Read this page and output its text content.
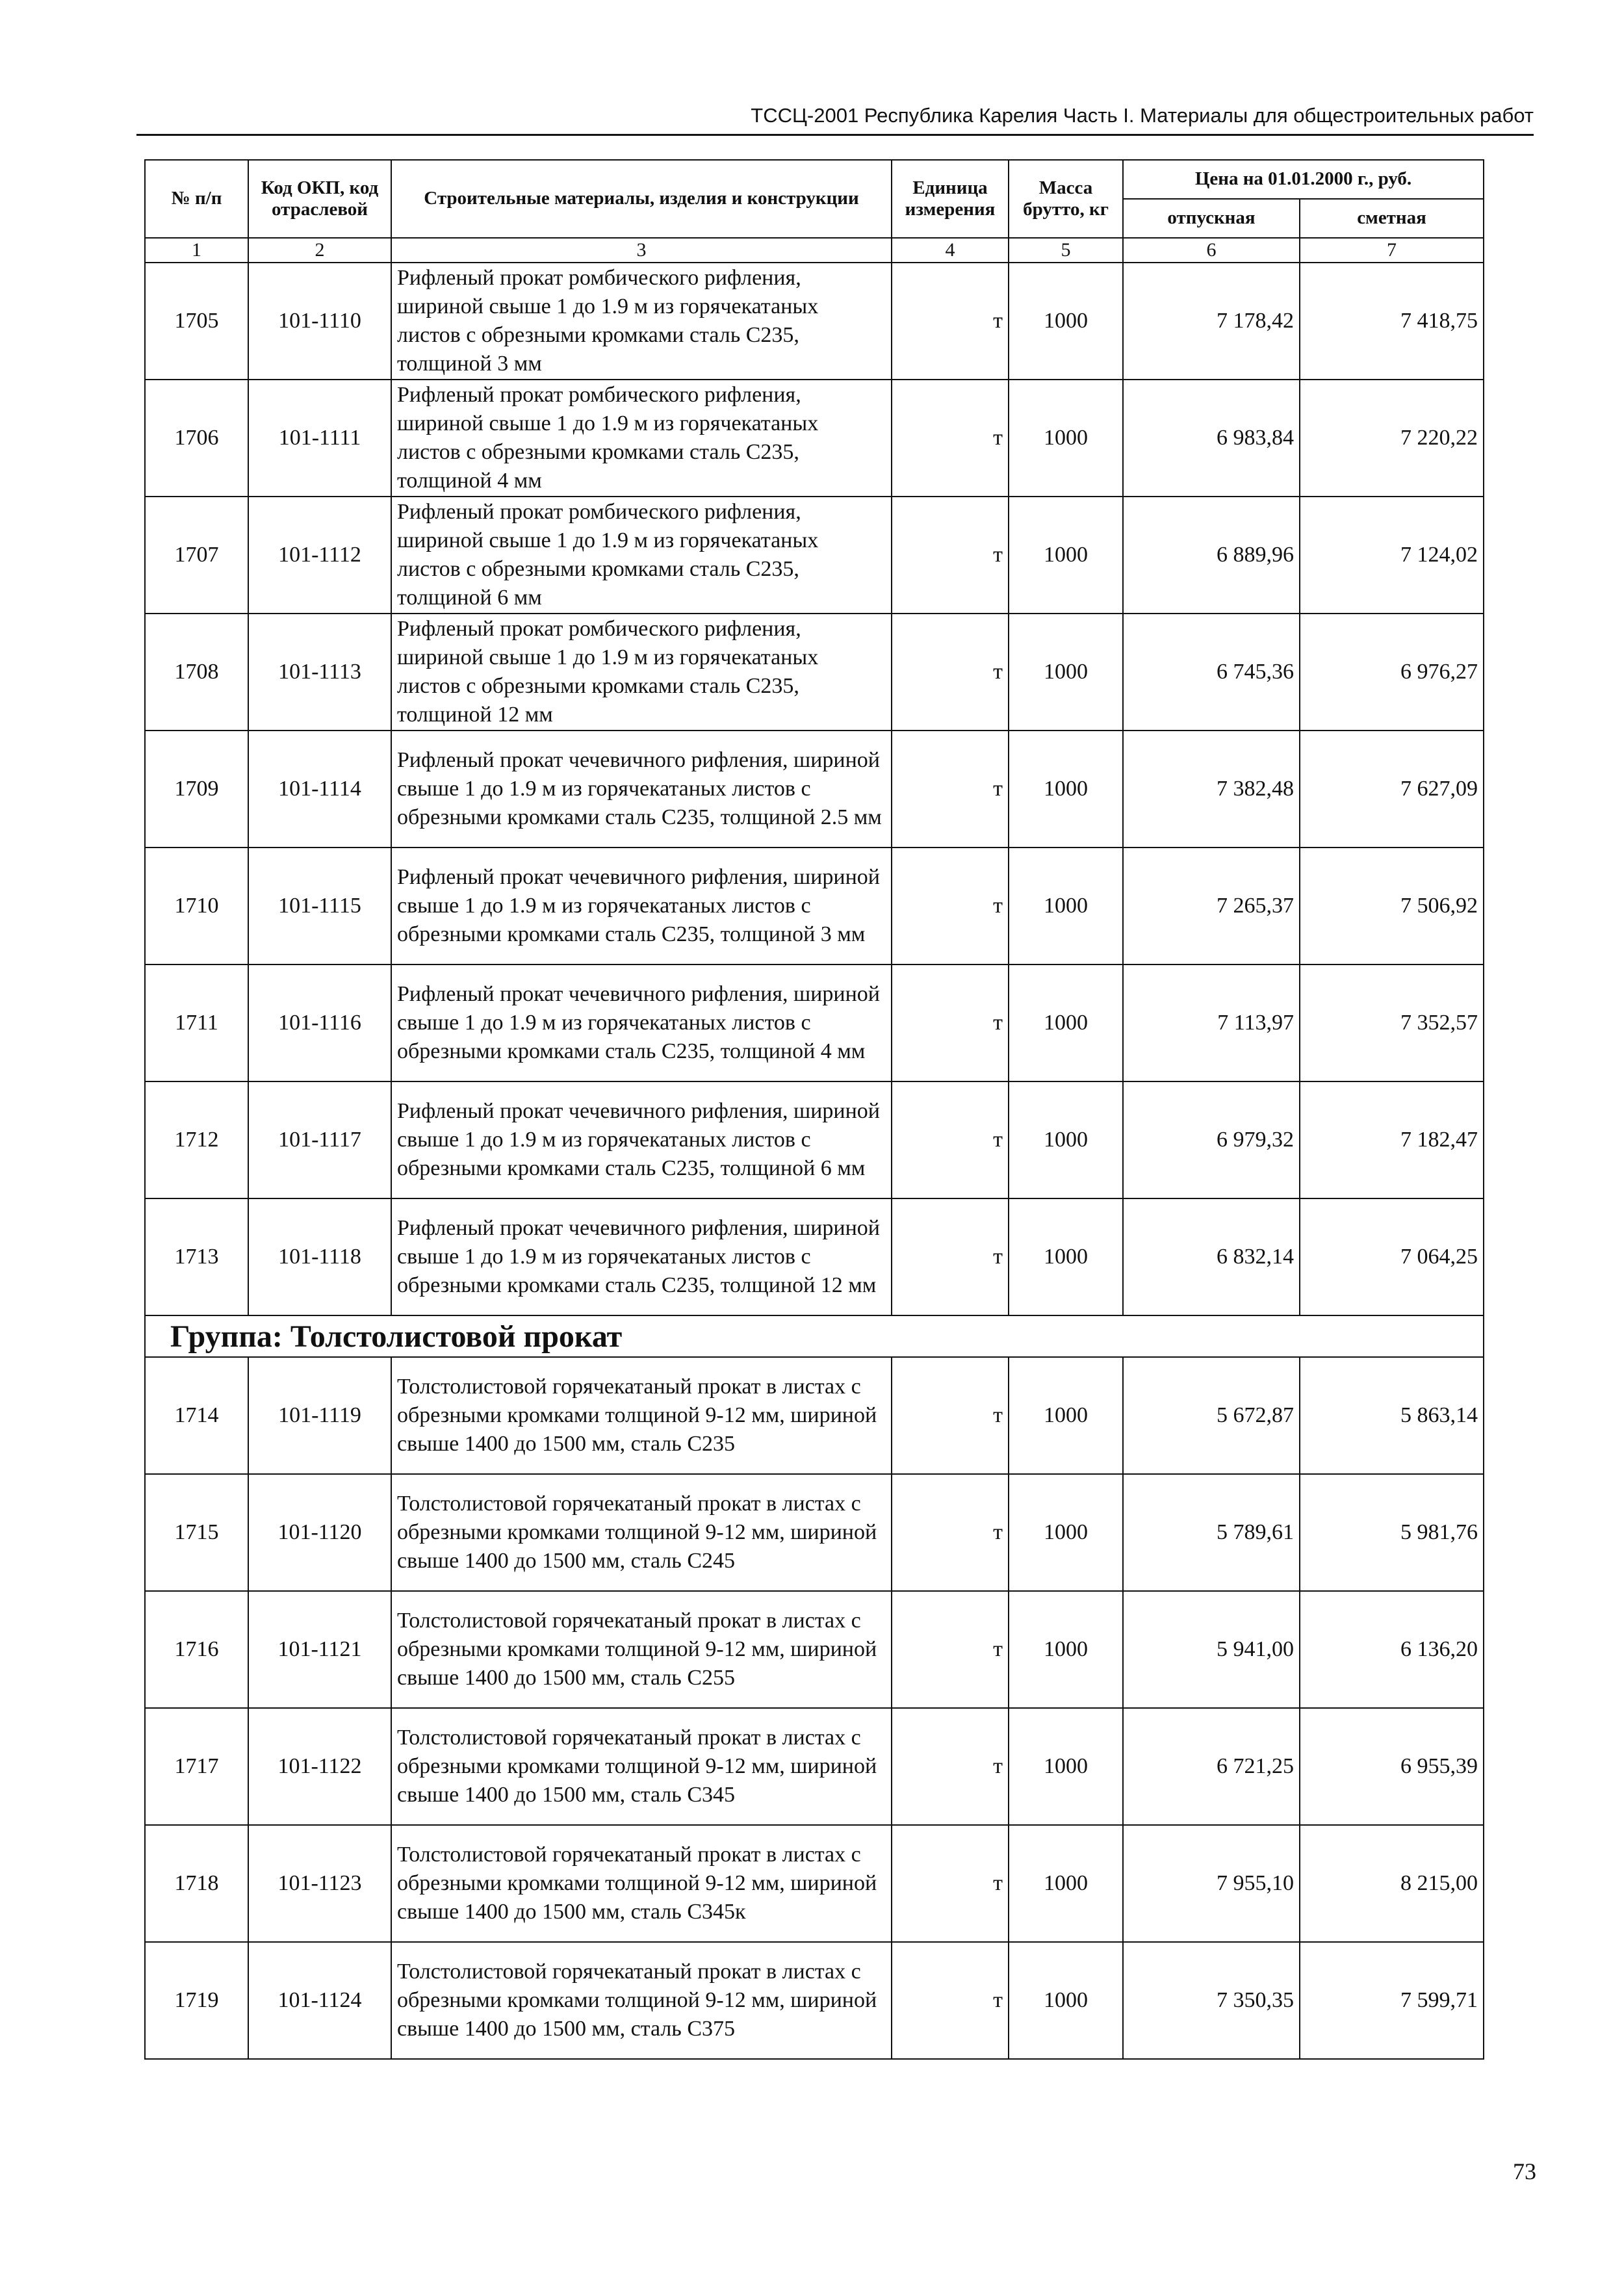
ТССЦ-2001 Республика Карелия Часть I. Материалы для общестроительных работ
№ п/п	Код ОКП, код отраслевой	Строительные материалы, изделия и конструкции	Единица измерения	Масса брутто, кг	Цена на 01.01.2000 г., руб.	
					отпускная	сметная
1	2	3	4	5	6	7
1705	101-1110	Рифленый прокат ромбического рифления, шириной свыше 1 до 1.9 м из горячекатаных листов с обрезными кромками сталь С235, толщиной 3 мм	т	1000	7 178,42	7 418,75
1706	101-1111	Рифленый прокат ромбического рифления, шириной свыше 1 до 1.9 м из горячекатаных листов с обрезными кромками сталь С235, толщиной 4 мм	т	1000	6 983,84	7 220,22
1707	101-1112	Рифленый прокат ромбического рифления, шириной свыше 1 до 1.9 м из горячекатаных листов с обрезными кромками сталь С235, толщиной 6 мм	т	1000	6 889,96	7 124,02
1708	101-1113	Рифленый прокат ромбического рифления, шириной свыше 1 до 1.9 м из горячекатаных листов с обрезными кромками сталь С235, толщиной 12 мм	т	1000	6 745,36	6 976,27
1709	101-1114	Рифленый прокат чечевичного рифления, шириной свыше 1 до 1.9 м из горячекатаных листов с обрезными кромками сталь С235, толщиной 2.5 мм	т	1000	7 382,48	7 627,09
1710	101-1115	Рифленый прокат чечевичного рифления, шириной свыше 1 до 1.9 м из горячекатаных листов с обрезными кромками сталь С235, толщиной 3 мм	т	1000	7 265,37	7 506,92
1711	101-1116	Рифленый прокат чечевичного рифления, шириной свыше 1 до 1.9 м из горячекатаных листов с обрезными кромками сталь С235, толщиной 4 мм	т	1000	7 113,97	7 352,57
1712	101-1117	Рифленый прокат чечевичного рифления, шириной свыше 1 до 1.9 м из горячекатаных листов с обрезными кромками сталь С235, толщиной 6 мм	т	1000	6 979,32	7 182,47
1713	101-1118	Рифленый прокат чечевичного рифления, шириной свыше 1 до 1.9 м из горячекатаных листов с обрезными кромками сталь С235, толщиной 12 мм	т	1000	6 832,14	7 064,25
Группа: Толстолистовой прокат						
1714	101-1119	Толстолистовой горячекатаный прокат в листах с обрезными кромками толщиной 9-12 мм, шириной свыше 1400 до 1500 мм, сталь С235	т	1000	5 672,87	5 863,14
1715	101-1120	Толстолистовой горячекатаный прокат в листах с обрезными кромками толщиной 9-12 мм, шириной свыше 1400 до 1500 мм, сталь С245	т	1000	5 789,61	5 981,76
1716	101-1121	Толстолистовой горячекатаный прокат в листах с обрезными кромками толщиной 9-12 мм, шириной свыше 1400 до 1500 мм, сталь С255	т	1000	5 941,00	6 136,20
1717	101-1122	Толстолистовой горячекатаный прокат в листах с обрезными кромками толщиной 9-12 мм, шириной свыше 1400 до 1500 мм, сталь С345	т	1000	6 721,25	6 955,39
1718	101-1123	Толстолистовой горячекатаный прокат в листах с обрезными кромками толщиной 9-12 мм, шириной свыше 1400 до 1500 мм, сталь С345к	т	1000	7 955,10	8 215,00
1719	101-1124	Толстолистовой горячекатаный прокат в листах с обрезными кромками толщиной 9-12 мм, шириной свыше 1400 до 1500 мм, сталь С375	т	1000	7 350,35	7 599,71
73
